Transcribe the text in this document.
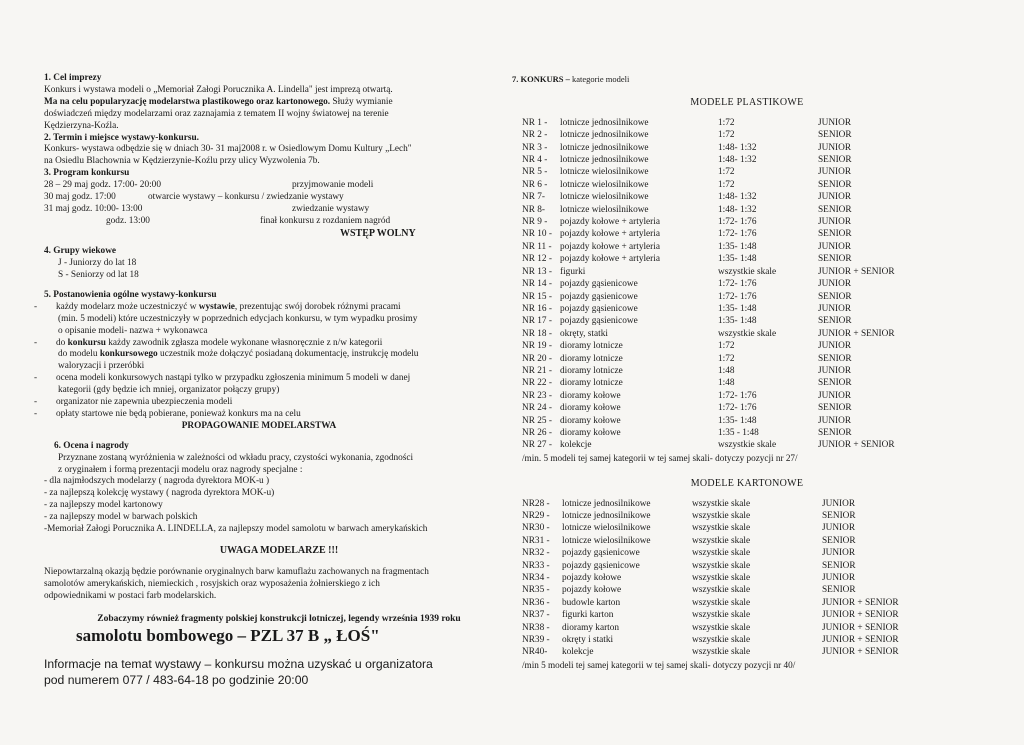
1. Cel imprezy
Konkurs i wystawa modeli o „Memoriał Załogi Porucznika A. Lindella" jest imprezą otwartą.
Ma na celu popularyzację modelarstwa plastikowego oraz kartonowego. Służy wymianie
doświadczeń między modelarzami oraz zaznajamia z tematem II wojny światowej na terenie
Kędzierzyna-Koźla.
2. Termin i miejsce wystawy-konkursu.
Konkurs- wystawa odbędzie się w dniach 30- 31 maj2008 r. w Osiedlowym Domu Kultury „Lech"
na Osiedlu Blachownia w Kędzierzynie-Koźlu przy ulicy Wyzwolenia 7b.
3. Program konkursu
28 – 29 maj godz. 17:00- 20:00	przyjmowanie modeli
30 maj godz. 17:00	otwarcie wystawy – konkursu / zwiedzanie wystawy
31 maj godz. 10:00- 13:00	zwiedzanie wystawy
godz. 13:00	finał konkursu z rozdaniem nagród
WSTĘP WOLNY
4. Grupy wiekowe
J - Juniorzy do lat 18
S - Seniorzy od lat 18
5. Postanowienia ogólne wystawy-konkursu
- każdy modelarz może uczestniczyć w wystawie, prezentując swój dorobek różnymi pracami
(min. 5 modeli) które uczestniczyły w poprzednich edycjach konkursu, w tym wypadku prosimy
o opisanie modeli- nazwa + wykonawca
- do konkursu każdy zawodnik zgłasza modele wykonane własnoręcznie z n/w kategorii
do modelu konkursowego uczestnik może dołączyć posiadaną dokumentację, instrukcję modelu
waloryzacji i przeróbki
- ocena modeli konkursowych nastąpi tylko w przypadku zgłoszenia minimum 5 modeli w danej
kategorii (gdy będzie ich mniej, organizator połączy grupy)
- organizator nie zapewnia ubezpieczenia modeli
- opłaty startowe nie będą pobierane, ponieważ konkurs ma na celu
PROPAGOWANIE MODELARSTWA
6. Ocena i nagrody
Przyznane zostaną wyróżnienia w zależności od wkładu pracy, czystości wykonania, zgodności
z oryginałem i formą prezentacji modelu oraz nagrody specjalne :
- dla najmłodszych modelarzy ( nagroda dyrektora MOK-u )
- za najlepszą kolekcję wystawy ( nagroda dyrektora MOK-u)
- za najlepszy model kartonowy
- za najlepszy model w barwach polskich
-Memoriał Załogi Porucznika A. LINDELLA, za najlepszy model samolotu w barwach amerykańskich
UWAGA MODELARZE !!!
Niepowtarzalną okazją będzie porównanie oryginalnych barw kamuflażu zachowanych na fragmentach
samolotów amerykańskich, niemieckich , rosyjskich oraz wyposażenia żołnierskiego z ich
odpowiednikami w postaci farb modelarskich.
Zobaczymy również fragmenty polskiej konstrukcji lotniczej, legendy września 1939 roku
samolotu bombowego – PZL 37 B „ ŁOŚ"
Informacje na temat wystawy – konkursu można uzyskać u organizatora
pod numerem 077 / 483-64-18 po godzinie 20:00
7. KONKURS – kategorie modeli
MODELE PLASTIKOWE
NR 1 -	lotnicze jednosilnikowe	1:72	JUNIOR
NR 2 -	lotnicze jednosilnikowe	1:72	SENIOR
NR 3 -	lotnicze jednosilnikowe	1:48- 1:32	JUNIOR
NR 4 -	lotnicze jednosilnikowe	1:48- 1:32	SENIOR
NR 5 -	lotnicze wielosilnikowe	1:72	JUNIOR
NR 6 -	lotnicze wielosilnikowe	1:72	SENIOR
NR 7-	lotnicze wielosilnikowe	1:48- 1:32	JUNIOR
NR 8-	lotnicze wielosilnikowe	1:48- 1:32	SENIOR
NR 9 -	pojazdy kołowe + artyleria	1:72- 1:76	JUNIOR
NR 10 -	pojazdy kołowe + artyleria	1:72- 1:76	SENIOR
NR 11 -	pojazdy kołowe + artyleria	1:35- 1:48	JUNIOR
NR 12 -	pojazdy kołowe + artyleria	1:35- 1:48	SENIOR
NR 13 -	figurki	wszystkie skale	JUNIOR + SENIOR
NR 14 -	pojazdy gąsienicowe	1:72- 1:76	JUNIOR
NR 15 -	pojazdy gąsienicowe	1:72- 1:76	SENIOR
NR 16 -	pojazdy gąsienicowe	1:35- 1:48	JUNIOR
NR 17 -	pojazdy gąsienicowe	1:35- 1:48	SENIOR
NR 18 -	okręty, statki	wszystkie skale	JUNIOR + SENIOR
NR 19 -	dioramy lotnicze	1:72	JUNIOR
NR 20 -	dioramy lotnicze	1:72	SENIOR
NR 21 -	dioramy lotnicze	1:48	JUNIOR
NR 22 -	dioramy lotnicze	1:48	SENIOR
NR 23 -	dioramy kołowe	1:72- 1:76	JUNIOR
NR 24 -	dioramy kołowe	1:72- 1:76	SENIOR
NR 25 -	dioramy kołowe	1:35- 1:48	JUNIOR
NR 26 -	dioramy kołowe	1:35 - 1:48	SENIOR
NR 27 -	kolekcje	wszystkie skale	JUNIOR + SENIOR
/min. 5 modeli tej samej kategorii w tej samej skali- dotyczy pozycji nr 27/
MODELE KARTONOWE
NR28 -	lotnicze jednosilnikowe	wszystkie skale	JUNIOR
NR29 -	lotnicze jednosilnikowe	wszystkie skale	SENIOR
NR30 -	lotnicze wielosilnikowe	wszystkie skale	JUNIOR
NR31 -	lotnicze wielosilnikowe	wszystkie skale	SENIOR
NR32 -	pojazdy gąsienicowe	wszystkie skale	JUNIOR
NR33 -	pojazdy gąsienicowe	wszystkie skale	SENIOR
NR34 -	pojazdy kołowe	wszystkie skale	JUNIOR
NR35 -	pojazdy kołowe	wszystkie skale	SENIOR
NR36 -	budowle karton	wszystkie skale	JUNIOR + SENIOR
NR37 -	figurki karton	wszystkie skale	JUNIOR + SENIOR
NR38 -	dioramy karton	wszystkie skale	JUNIOR + SENIOR
NR39 -	okręty i statki	wszystkie skale	JUNIOR + SENIOR
NR40-	kolekcje	wszystkie skale	JUNIOR + SENIOR
/min 5 modeli tej samej kategorii w tej samej skali- dotyczy pozycji nr 40/
